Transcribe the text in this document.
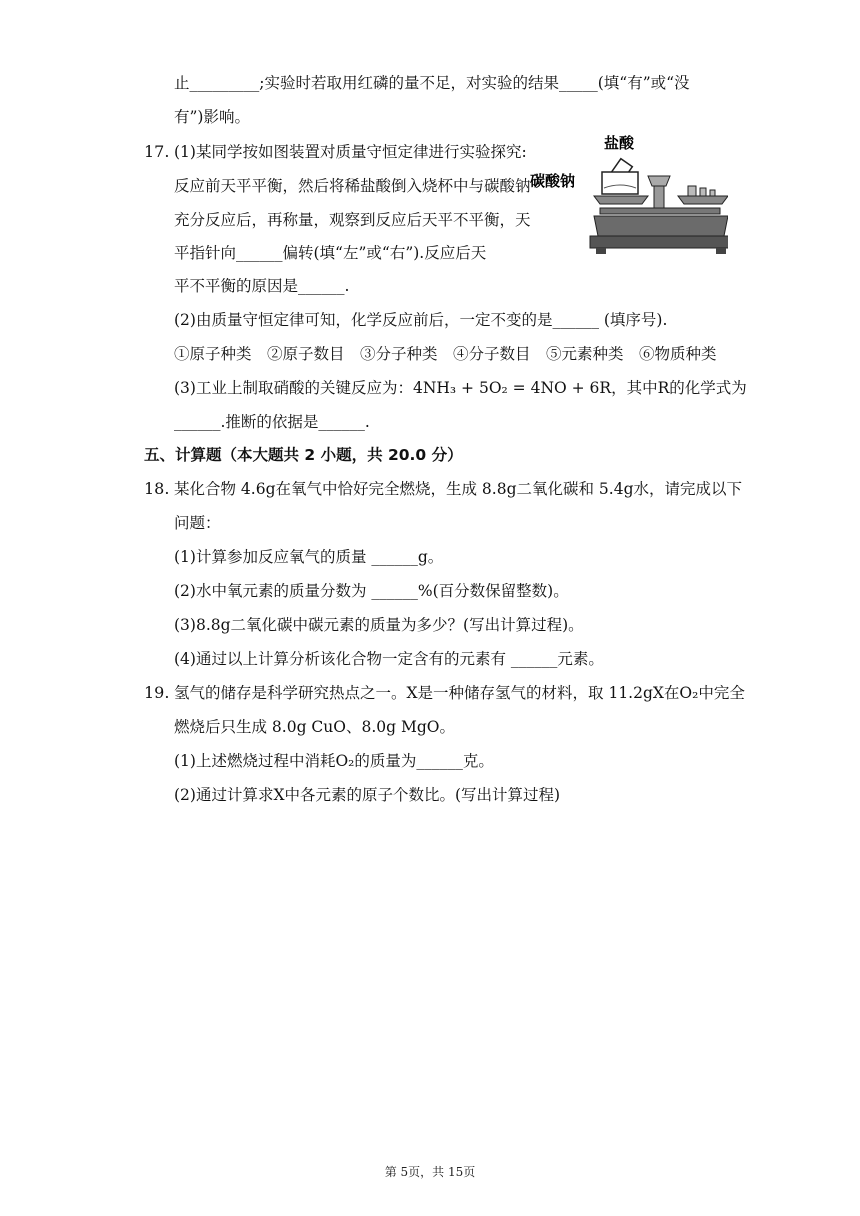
止_________;实验时若取用红磷的量不足，对实验的结果_____(填“有”或“没
有”)影响。
17. (1)某同学按如图装置对质量守恒定律进行实验探究:
反应前天平平衡，然后将稀盐酸倒入烧杯中与碳酸钠
充分反应后，再称量，观察到反应后天平不平衡，天
平指针向______偏转(填“左”或“右”).反应后天
平不平衡的原因是______.
(2)由质量守恒定律可知，化学反应前后，一定不变的是______ (填序号).
①原子种类　②原子数目　③分子种类　④分子数目　⑤元素种类　⑥物质种类
(3)工业上制取硝酸的关键反应为：4NH₃ + 5O₂ = 4NO + 6R，其中R的化学式为
______.推断的依据是______.
盐酸
碳酸钠
五、计算题（本大题共 2 小题，共 20.0 分）
18. 某化合物 4.6g在氧气中恰好完全燃烧，生成 8.8g二氧化碳和 5.4g水，请完成以下
问题：
(1)计算参加反应氧气的质量 ______g。
(2)水中氧元素的质量分数为 ______%(百分数保留整数)。
(3)8.8g二氧化碳中碳元素的质量为多少？(写出计算过程)。
(4)通过以上计算分析该化合物一定含有的元素有 ______元素。
19. 氢气的储存是科学研究热点之一。X是一种储存氢气的材料，取 11.2gX在O₂中完全
燃烧后只生成 8.0g CuO、8.0g MgO。
(1)上述燃烧过程中消耗O₂的质量为______克。
(2)通过计算求X中各元素的原子个数比。(写出计算过程)
第 5页，共 15页
